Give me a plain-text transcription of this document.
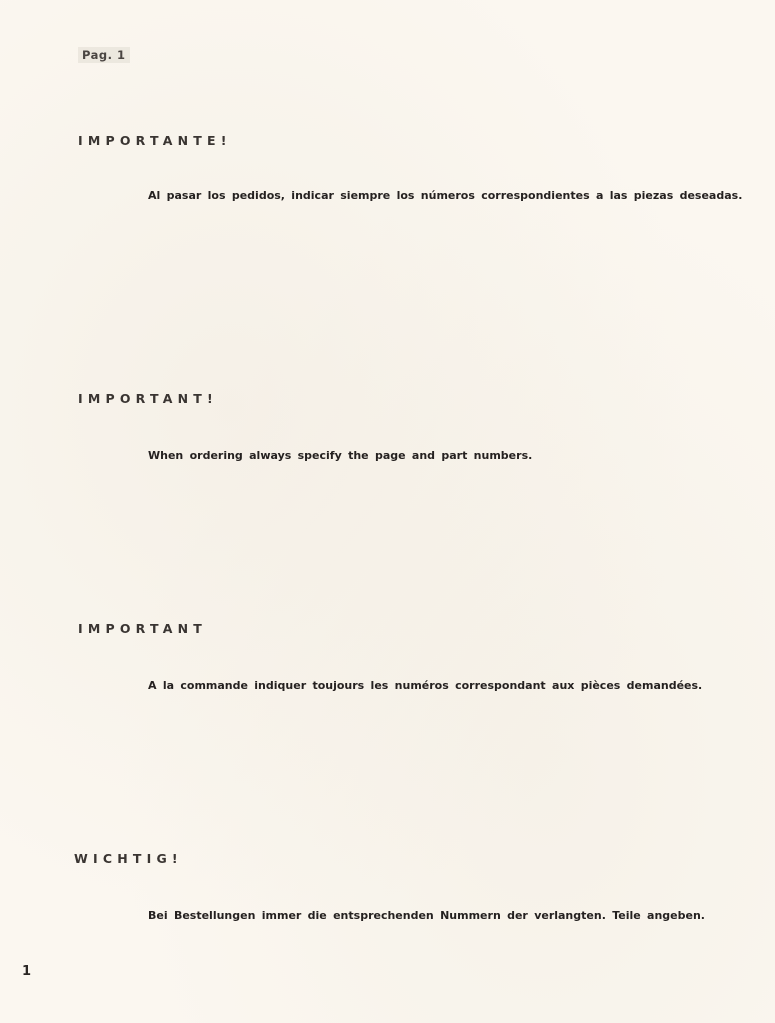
Pag. 1
IMPORTANTE!
Al pasar los pedidos, indicar siempre los números correspondientes a las piezas deseadas.
IMPORTANT!
When ordering always specify the page and part numbers.
IMPORTANT
A la commande indiquer toujours les numéros correspondant aux pièces demandées.
WICHTIG!
Bei Bestellungen immer die entsprechenden Nummern der verlangten. Teile angeben.
1
